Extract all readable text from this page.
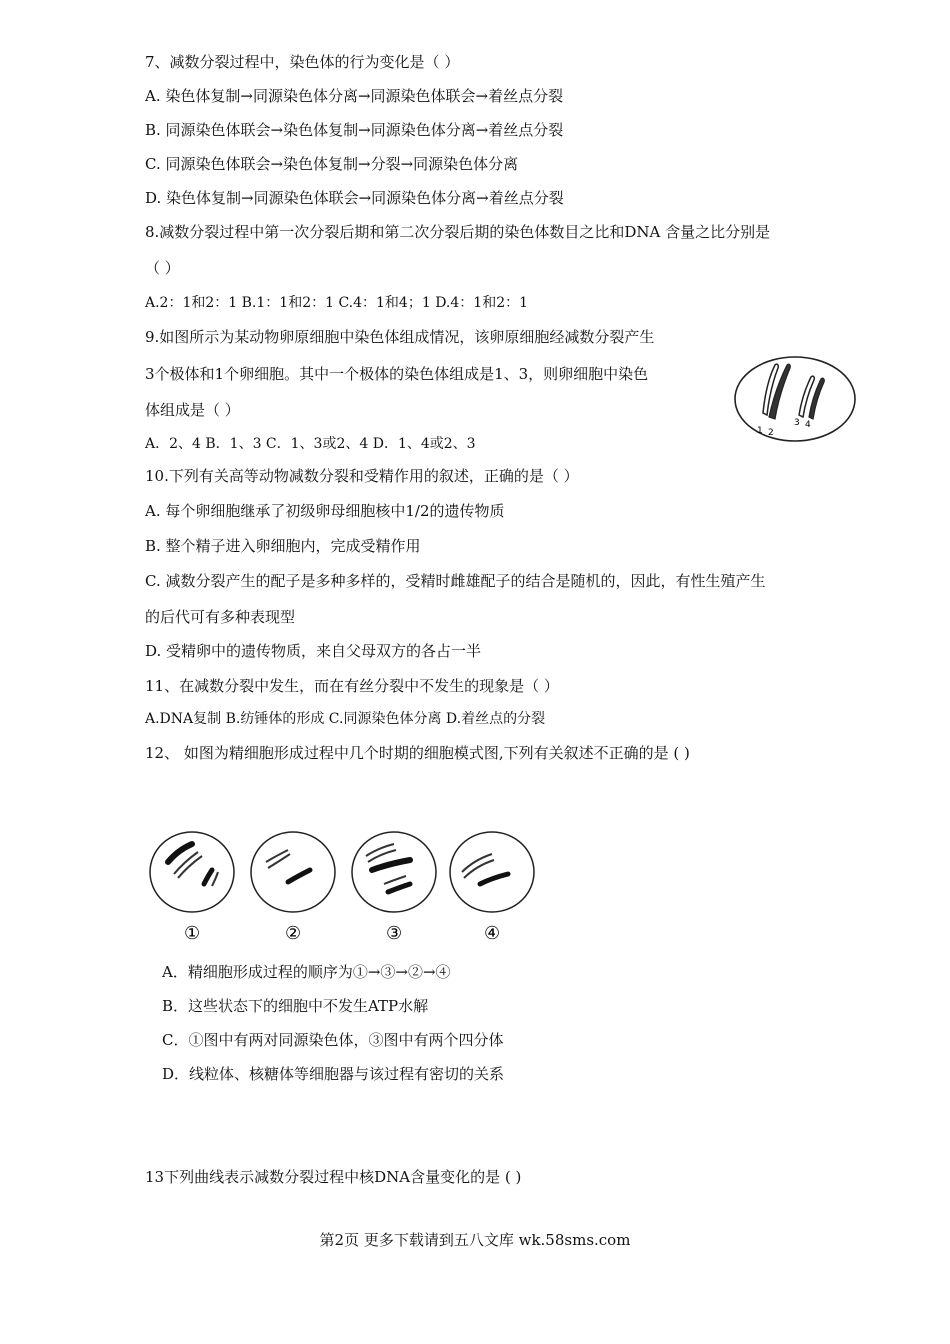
7、减数分裂过程中，染色体的行为变化是（ ）
A. 染色体复制→同源染色体分离→同源染色体联会→着丝点分裂
B. 同源染色体联会→染色体复制→同源染色体分离→着丝点分裂
C. 同源染色体联会→染色体复制→分裂→同源染色体分离
D. 染色体复制→同源染色体联会→同源染色体分离→着丝点分裂
8.减数分裂过程中第一次分裂后期和第二次分裂后期的染色体数目之比和DNA 含量之比分别是
（ ）
A.2：1和2：1 B.1：1和2：1 C.4：1和4；1 D.4：1和2：1
9.如图所示为某动物卵原细胞中染色体组成情况，该卵原细胞经减数分裂产生
3个极体和1个卵细胞。其中一个极体的染色体组成是1、3，则卵细胞中染色
体组成是（ ）
A．2、4 B．1、3 C．1、3或2、4 D．1、4或2、3
1 2
3 4
10.下列有关高等动物减数分裂和受精作用的叙述，正确的是（ ）
A. 每个卵细胞继承了初级卵母细胞核中1/2的遗传物质
B. 整个精子进入卵细胞内，完成受精作用
C. 减数分裂产生的配子是多种多样的，受精时雌雄配子的结合是随机的，因此，有性生殖产生
的后代可有多种表现型
D. 受精卵中的遗传物质，来自父母双方的各占一半
11、在减数分裂中发生，而在有丝分裂中不发生的现象是（ ）
A.DNA复制 B.纺锤体的形成 C.同源染色体分离 D.着丝点的分裂
12、 如图为精细胞形成过程中几个时期的细胞模式图,下列有关叙述不正确的是 ( )
①	②	③	④
A．精细胞形成过程的顺序为①→③→②→④
B．这些状态下的细胞中不发生ATP水解
C．①图中有两对同源染色体，③图中有两个四分体
D．线粒体、核糖体等细胞器与该过程有密切的关系
13下列曲线表示减数分裂过程中核DNA含量变化的是 ( )
第2页 更多下载请到五八文库 wk.58sms.com
